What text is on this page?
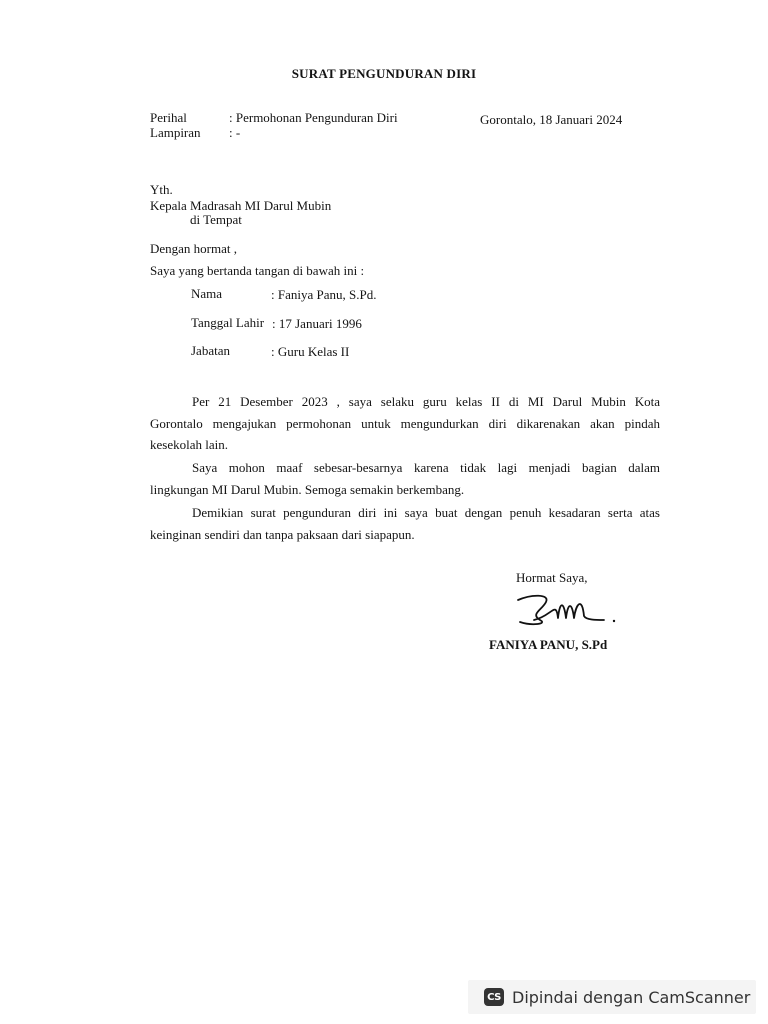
SURAT PENGUNDURAN DIRI
Perihal	: Permohonan Pengunduran Diri	Gorontalo, 18 Januari 2024
Lampiran : -
Yth.
Kepala Madrasah MI Darul Mubin
di Tempat
Dengan hormat ,
Saya yang bertanda tangan di bawah ini :
Nama	: Faniya Panu, S.Pd.
Tanggal Lahir : 17 Januari 1996
Jabatan	: Guru Kelas II
Per 21 Desember 2023 , saya selaku guru kelas II di MI Darul Mubin Kota
Gorontalo mengajukan permohonan untuk mengundurkan diri dikarenakan akan pindah
kesekolah lain.
Saya mohon maaf sebesar-besarnya karena tidak lagi menjadi bagian dalam
lingkungan MI Darul Mubin. Semoga semakin berkembang.
Demikian surat pengunduran diri ini saya buat dengan penuh kesadaran serta atas
keinginan sendiri dan tanpa paksaan dari siapapun.
Hormat Saya,
FANIYA PANU, S.Pd
CS Dipindai dengan CamScanner
